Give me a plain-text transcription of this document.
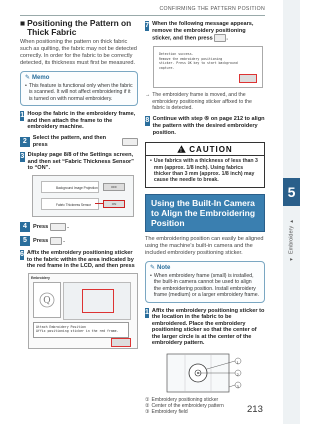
CONFIRMING THE PATTERN POSITION
5
◂
Embroidery
▸
213
■ Positioning the Pattern on Thick Fabric
When positioning the pattern on thick fabric such as quilting, the fabric may not be detected correctly. In order for the fabric to be correctly detected, its thickness must first be measured.
✎ Memo
• This feature is functional only when the fabric is scanned. It will not affect embroidering if it is turned on with normal embroidery.
1 Hoop the fabric in the embroidery frame, and then attach the frame to the embroidery machine.
2	Select the pattern, and then press
3 Display page 8/8 of the Settings screen, and then set “Fabric Thickness Sensor” to “ON”.
Background Image Projection	OFF
Fabric Thickness Sensor	ON
4	Press	.
5	Press	.
6 Affix the embroidery positioning sticker to the fabric within the area indicated by the red frame in the LCD, and then press
Embroidery
Q
Attach Embroidery Position
Affix positioning sticker in the red frame.
7 When the following message appears, remove the embroidery positioning sticker, and then press .
Detection success.
Remove the embroidery positioning
sticker. Press OK key to start background
capture.
→ The embroidery frame is moved, and the embroidery positioning sticker affixed to the fabric is detected.
8 Continue with step ⑥ on page 212 to align the pattern with the desired embroidery position.
! CAUTION
• Use fabrics with a thickness of less than 3 mm (approx. 1/8 inch). Using fabrics thicker than 3 mm (approx. 1/8 inch) may cause the needle to break.
Using the Built-In Camera to Align the Embroidering Position
The embroidering position can easily be aligned using the machine's built-in camera and the included embroidery positioning sticker.
✎ Note
• When embroidery frame (small) is installed, the built-in camera cannot be used to align the embroidering position. Install embroidery frame (medium) or a larger embroidery frame.
1 Affix the embroidery positioning sticker to the location in the fabric to be embroidered. Place the embroidery positioning sticker so that the center of the larger circle is at the center of the embroidery pattern.
1
2
3
① Embroidery positioning sticker
② Center of the embroidery pattern
③ Embroidery field
